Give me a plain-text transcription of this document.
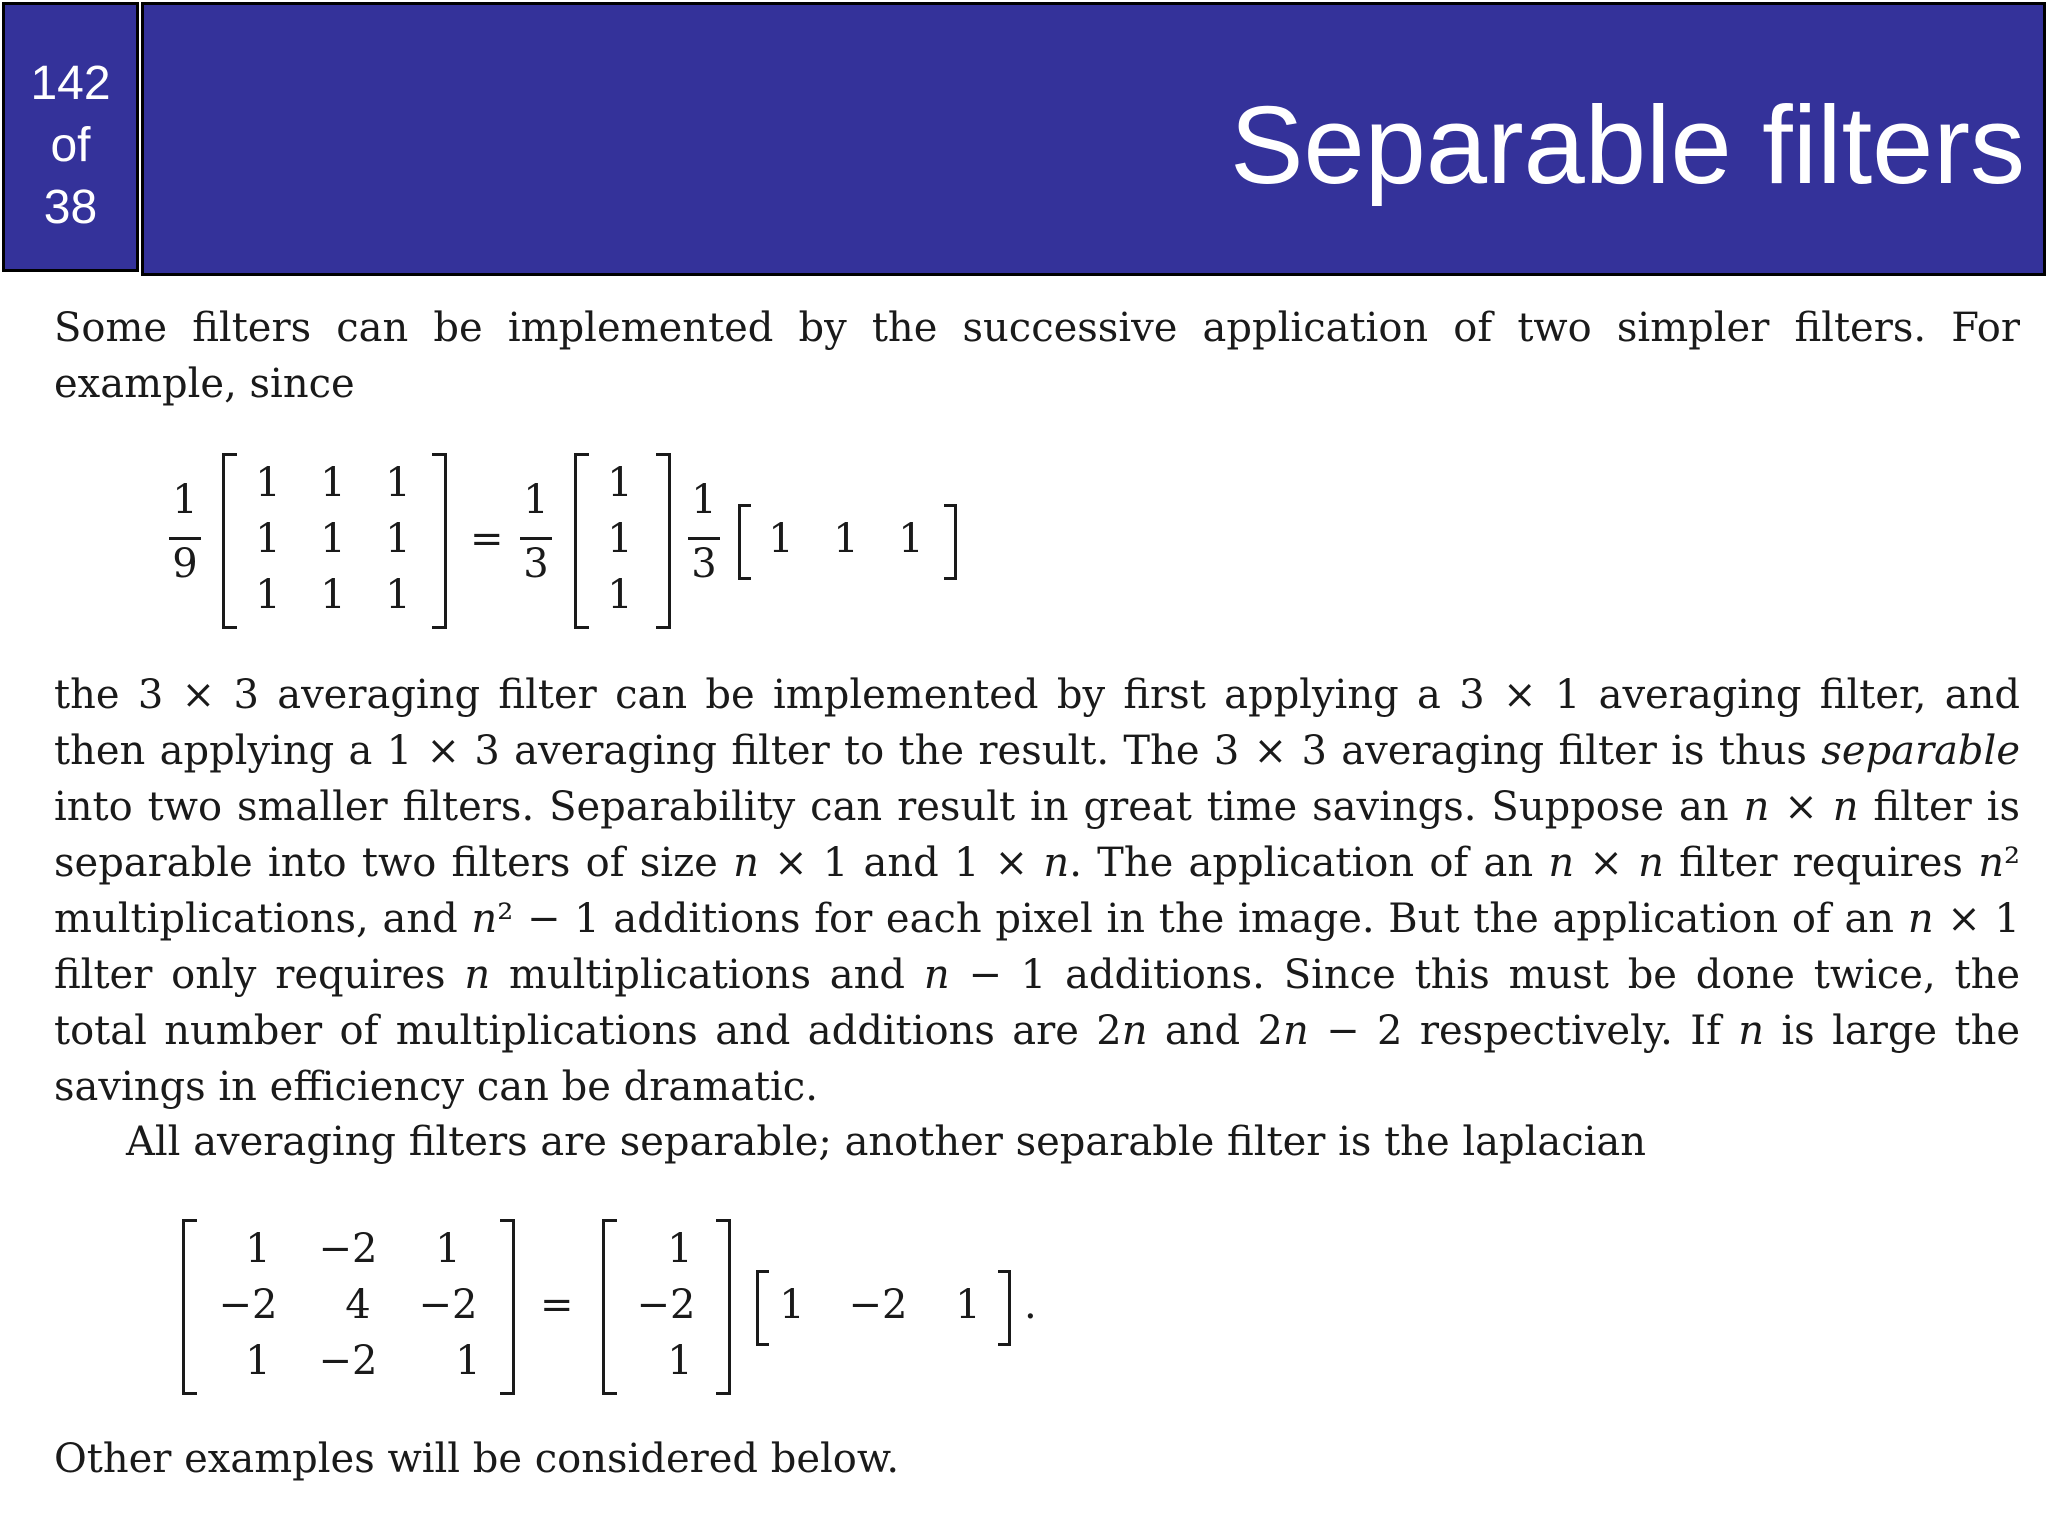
142
of
38
Separable filters
Some filters can be implemented by the successive application of two simpler filters. For example, since
1
9
1 1 1
1 1 1
1 1 1
=
1
3
1
1
1
1
3
1 1 1
the 3 × 3 averaging filter can be implemented by first applying a 3 × 1 averaging filter, and then applying a 1 × 3 averaging filter to the result. The 3 × 3 averaging filter is thus separable into two smaller filters. Separability can result in great time savings. Suppose an n × n filter is separable into two filters of size n × 1 and 1 × n. The application of an n × n filter requires n² multiplications, and n² − 1 additions for each pixel in the image. But the application of an n × 1 filter only requires n multiplications and n − 1 additions. Since this must be done twice, the total number of multiplications and additions are 2n and 2n − 2 respectively. If n is large the savings in efficiency can be dramatic.
All averaging filters are separable; another separable filter is the laplacian
1	−2	1
−2	4	−2
1	−2	1
=
1
−2
1
1	−2	1	.
Other examples will be considered below.
